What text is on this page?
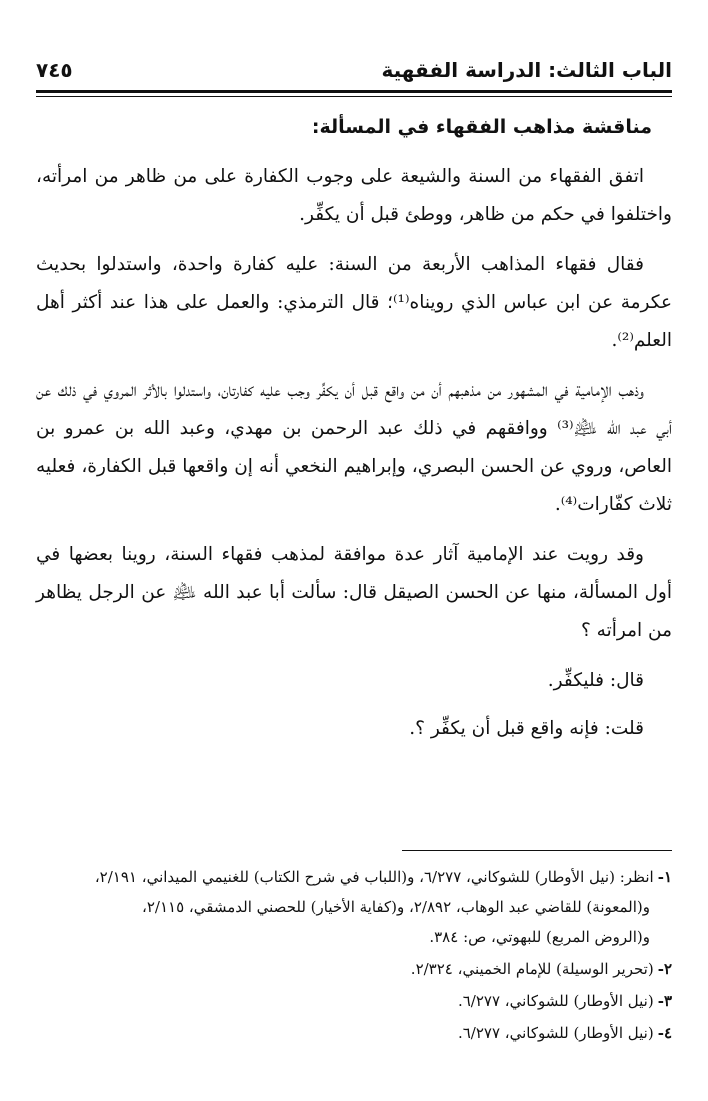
الباب الثالث: الدراسة الفقهية
٧٤٥

مناقشة مذاهب الفقهاء في المسألة:

اتفق الفقهاء من السنة والشيعة على وجوب الكفارة على من ظاهر من امرأته، واختلفوا في حكم من ظاهر، ووطئ قبل أن يكفِّر.

فقال فقهاء المذاهب الأربعة من السنة: عليه كفارة واحدة، واستدلوا بحديث عكرمة عن ابن عباس الذي رويناه⁽¹⁾؛ قال الترمذي: والعمل على هذا عند أكثر أهل العلم⁽²⁾.

وذهب الإمامية في المشهور من مذهبهم أن من واقع قبل أن يكفِّر وجب عليه كفارتان، واستدلوا بالأثر المروي في ذلك عن أبي عبد الله ﵇⁽³⁾ ووافقهم في ذلك عبد الرحمن بن مهدي، وعبد الله بن عمرو بن العاص، وروي عن الحسن البصري، وإبراهيم النخعي أنه إن واقعها قبل الكفارة، فعليه ثلاث كفّارات⁽⁴⁾.

وقد رويت عند الإمامية آثار عدة موافقة لمذهب فقهاء السنة، روينا بعضها في أول المسألة، منها عن الحسن الصيقل قال: سألت أبا عبد الله ﵇ عن الرجل يظاهر من امرأته ؟

قال: فليكفِّر.

قلت: فإنه واقع قبل أن يكفِّر ؟.

١-انظر: (نيل الأوطار) للشوكاني، ٦/٢٧٧، و(اللباب في شرح الكتاب) للغنيمي الميداني، ٢/١٩١،
و(المعونة) للقاضي عبد الوهاب، ٢/٨٩٢، و(كفاية الأخيار) للحصني الدمشقي، ٢/١١٥،
و(الروض المربع) للبهوتي، ص: ٣٨٤.
٢-(تحرير الوسيلة) للإمام الخميني، ٢/٣٢٤.
٣-(نيل الأوطار) للشوكاني، ٦/٢٧٧.
٤-(نيل الأوطار) للشوكاني، ٦/٢٧٧.
